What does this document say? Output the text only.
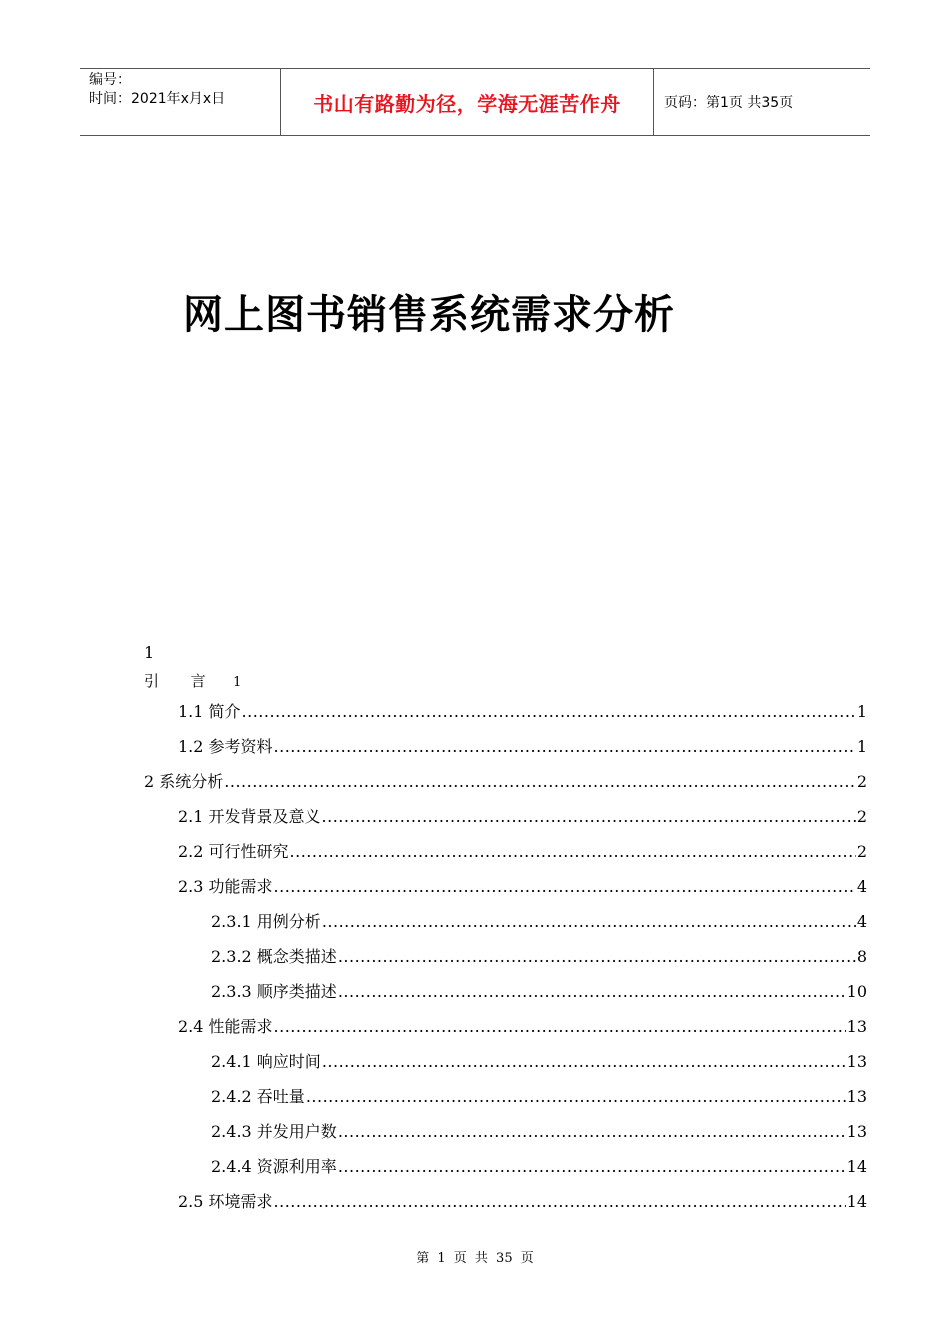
编号：
时间：2021年x月x日	书山有路勤为径，学海无涯苦作舟	页码：第1页 共35页
网上图书销售系统需求分析
1
引 言 1
1.1 简介 .....	1
1.2 参考资料 .....	1
2 系统分析 .....	2
2.1 开发背景及意义 .....	2
2.2 可行性研究 .....	2
2.3 功能需求 .....	4
2.3.1 用例分析 .....	4
2.3.2 概念类描述 .....	8
2.3.3 顺序类描述 .....	10
2.4 性能需求 .....	13
2.4.1 响应时间 .....	13
2.4.2 吞吐量 .....	13
2.4.3 并发用户数 .....	13
2.4.4 资源利用率 .....	14
2.5 环境需求 .....	14
第 1 页 共 35 页
